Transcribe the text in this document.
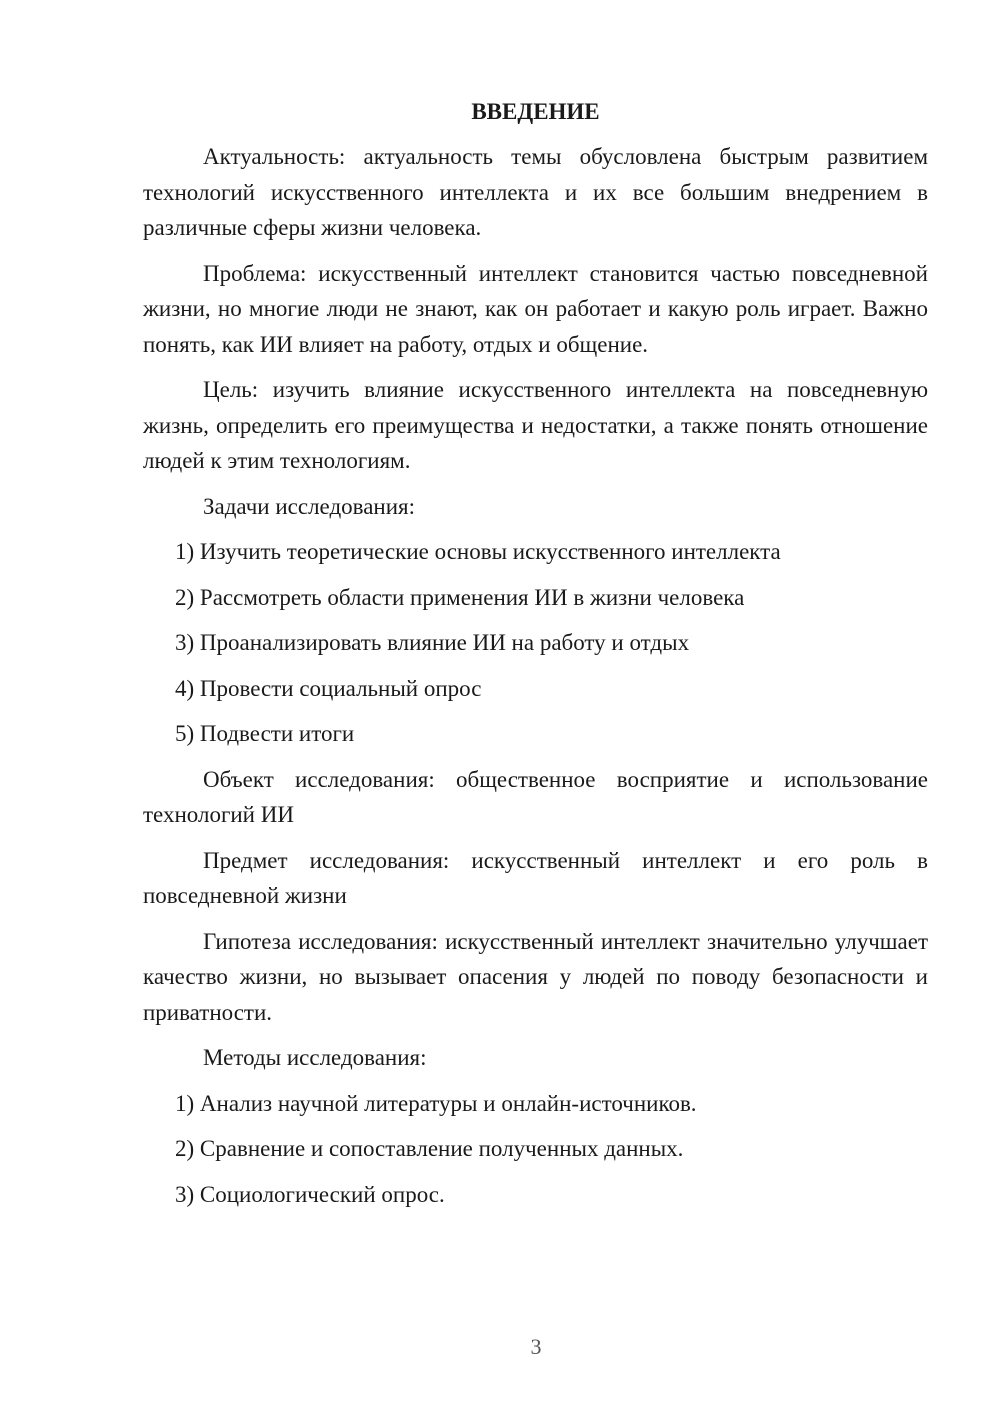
ВВЕДЕНИЕ
Актуальность: актуальность темы обусловлена быстрым развитием технологий искусственного интеллекта и их все большим внедрением в различные сферы жизни человека.
Проблема: искусственный интеллект становится частью повседневной жизни, но многие люди не знают, как он работает и какую роль играет. Важно понять, как ИИ влияет на работу, отдых и общение.
Цель: изучить влияние искусственного интеллекта на повседневную жизнь, определить его преимущества и недостатки, а также понять отношение людей к этим технологиям.
Задачи исследования:
1) Изучить теоретические основы искусственного интеллекта
2) Рассмотреть области применения ИИ в жизни человека
3) Проанализировать влияние ИИ на работу и отдых
4) Провести социальный опрос
5) Подвести итоги
Объект исследования: общественное восприятие и использование технологий ИИ
Предмет исследования: искусственный интеллект и его роль в повседневной жизни
Гипотеза исследования: искусственный интеллект значительно улучшает качество жизни, но вызывает опасения у людей по поводу безопасности и приватности.
Методы исследования:
1) Анализ научной литературы и онлайн-источников.
2) Сравнение и сопоставление полученных данных.
3) Социологический опрос.
3
